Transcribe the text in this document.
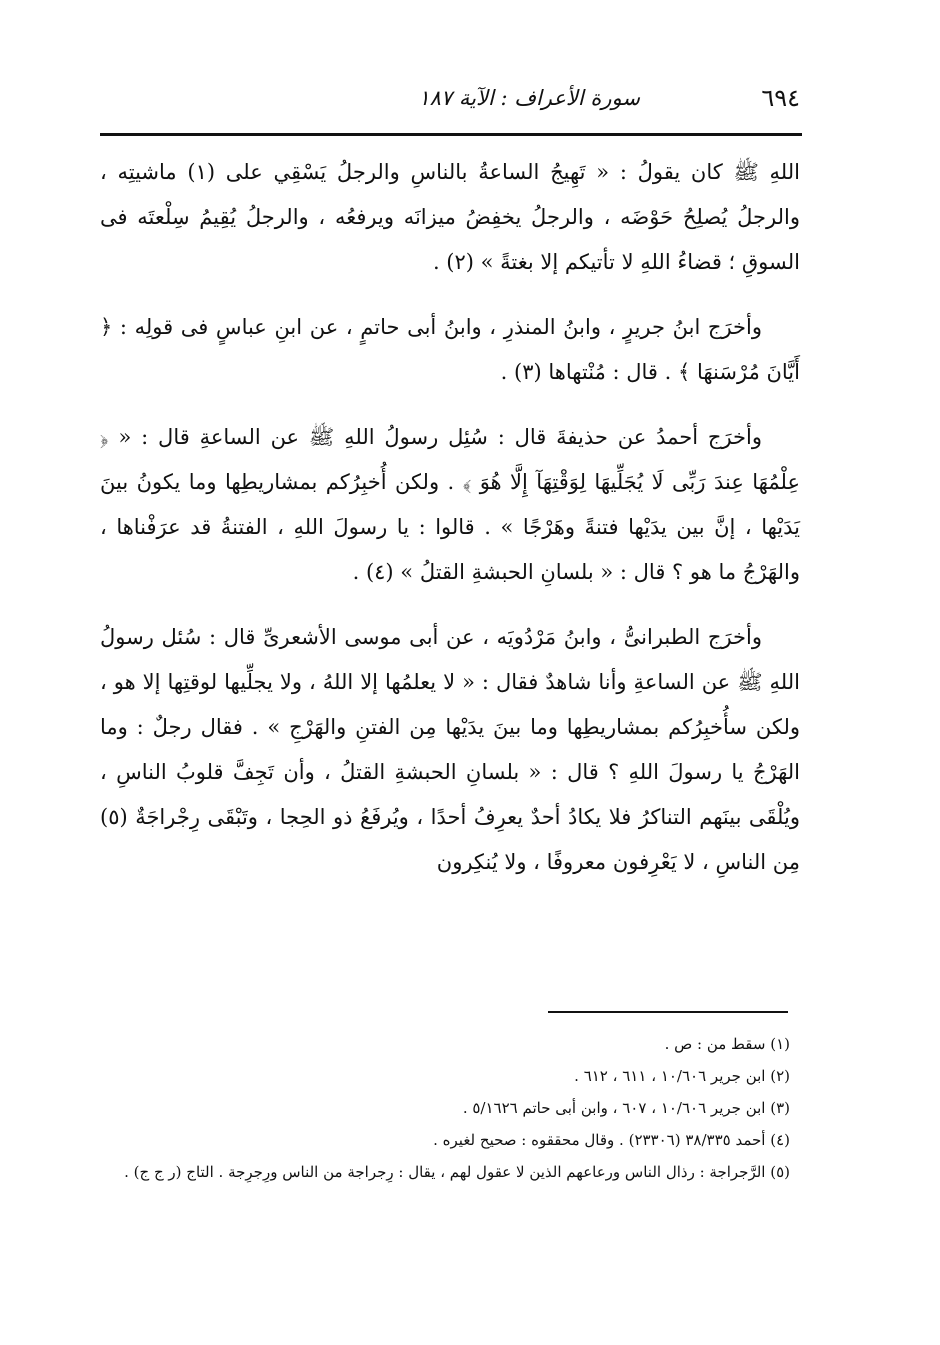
٦٩٤
سورة الأعراف : الآية ١٨٧

اللهِ ﷺ كان يقولُ : « تَهِيجُ الساعةُ بالناسِ والرجلُ يَسْقِي على (١) ماشيتِه ، والرجلُ يُصلِحُ حَوْضَه ، والرجلُ يخفِضُ ميزانَه ويرفعُه ، والرجلُ يُقِيمُ سِلْعتَه فى السوقِ ؛ قضاءُ اللهِ لا تأتيكم إلا بغتةً » (٢) .

وأخرَج ابنُ جريرٍ ، وابنُ المنذرِ ، وابنُ أبى حاتمٍ ، عن ابنِ عباسٍ فى قولِه : ﴿ أَيَّانَ مُرْسَنهَا ﴾ . قال : مُنْتهاها (٣) .

وأخرَج أحمدُ عن حذيفةَ قال : سُئِل رسولُ اللهِ ﷺ عن الساعةِ قال : « ﴿ عِلْمُهَا عِندَ رَبِّى لَا يُجَلِّيهَا لِوَقْتِهَآ إِلَّا هُوَ ﴾ . ولكن أُخبِرُكم بمشاريطِها وما يكونُ بينَ يَدَيْها ، إنَّ بين يدَيْها فتنةً وهَرْجًا » . قالوا : يا رسولَ اللهِ ، الفتنةُ قد عرَفْناها ، والهَرْجُ ما هو ؟ قال : « بلسانِ الحبشةِ القتلُ » (٤) .

وأخرَج الطبرانىُّ ، وابنُ مَرْدُويَه ، عن أبى موسى الأشعرىِّ قال : سُئل رسولُ اللهِ ﷺ عن الساعةِ وأنا شاهدٌ فقال : « لا يعلمُها إلا اللهُ ، ولا يجلِّيها لوقتِها إلا هو ، ولكن سأُخبِرُكم بمشاريطِها وما بينَ يدَيْها مِن الفتنِ والهَرْجِ » . فقال رجلٌ : وما الهَرْجُ يا رسولَ اللهِ ؟ قال : « بلسانِ الحبشةِ القتلُ ، وأن تَجِفَّ قلوبُ الناسِ ، ويُلْقَى بينَهم التناكرُ فلا يكادُ أحدٌ يعرِفُ أحدًا ، ويُرفَعُ ذو الحِجا ، وتَبْقَى رِجْراجَةٌ (٥) مِن الناسِ ، لا يَعْرِفون معروفًا ، ولا يُنكِرون

(١) سقط من : ص .

(٢) ابن جرير ١٠/٦٠٦ ، ٦١١ ، ٦١٢ .

(٣) ابن جرير ١٠/٦٠٦ ، ٦٠٧ ، وابن أبى حاتم ٥/١٦٢٦ .

(٤) أحمد ٣٨/٣٣٥ (٢٣٣٠٦) . وقال محققوه : صحيح لغيره .

(٥) الرَّجراجة : رذال الناس ورعاعهم الذين لا عقول لهم ، يقال : رِجراجة من الناس ورِجرِجة . التاج (ر ج ج) .
